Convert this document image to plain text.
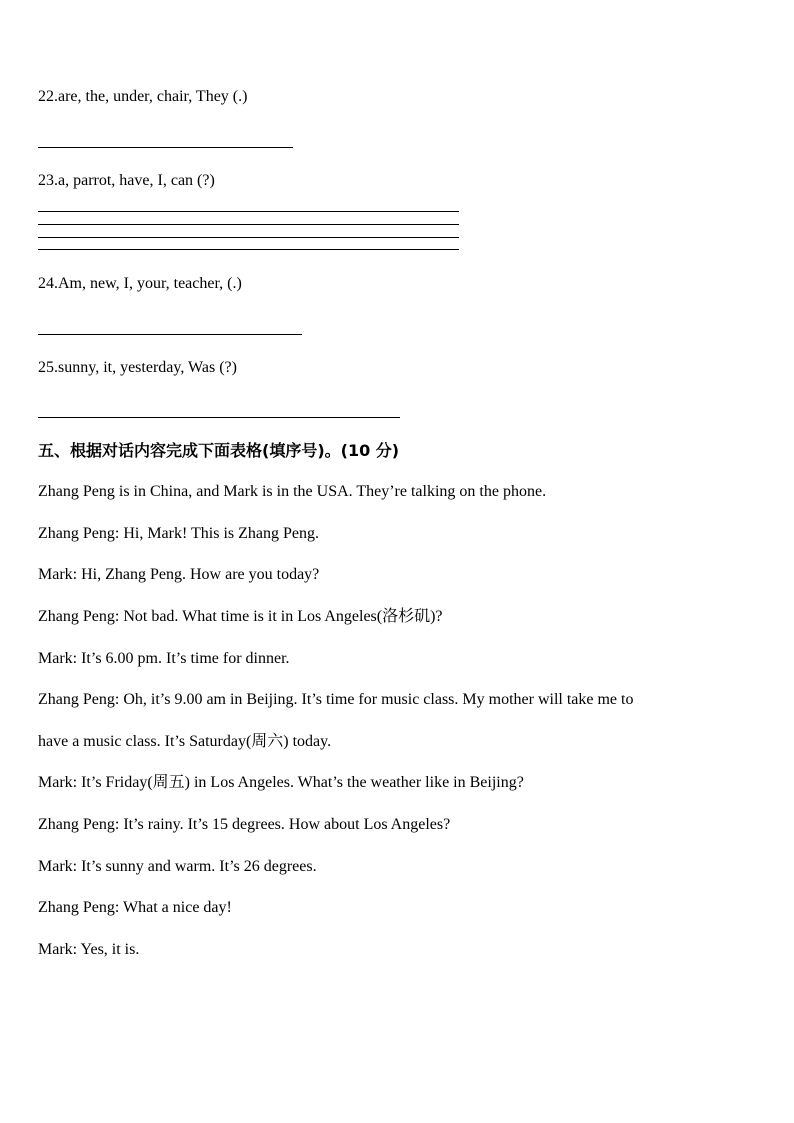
22.are, the, under, chair, They (.)
23.a, parrot, have, I, can (?)
24.Am, new, I, your, teacher, (.)
25.sunny, it, yesterday, Was (?)
五、根据对话内容完成下面表格(填序号)。(10 分)
Zhang Peng is in China, and Mark is in the USA. They’re talking on the phone.
Zhang Peng: Hi, Mark! This is Zhang Peng.
Mark: Hi, Zhang Peng. How are you today?
Zhang Peng: Not bad. What time is it in Los Angeles(洛杉矶)?
Mark: It’s 6.00 pm. It’s time for dinner.
Zhang Peng: Oh, it’s 9.00 am in Beijing. It’s time for music class. My mother will take me to
have a music class. It’s Saturday(周六) today.
Mark: It’s Friday(周五) in Los Angeles. What’s the weather like in Beijing?
Zhang Peng: It’s rainy. It’s 15 degrees. How about Los Angeles?
Mark: It’s sunny and warm. It’s 26 degrees.
Zhang Peng: What a nice day!
Mark: Yes, it is.
